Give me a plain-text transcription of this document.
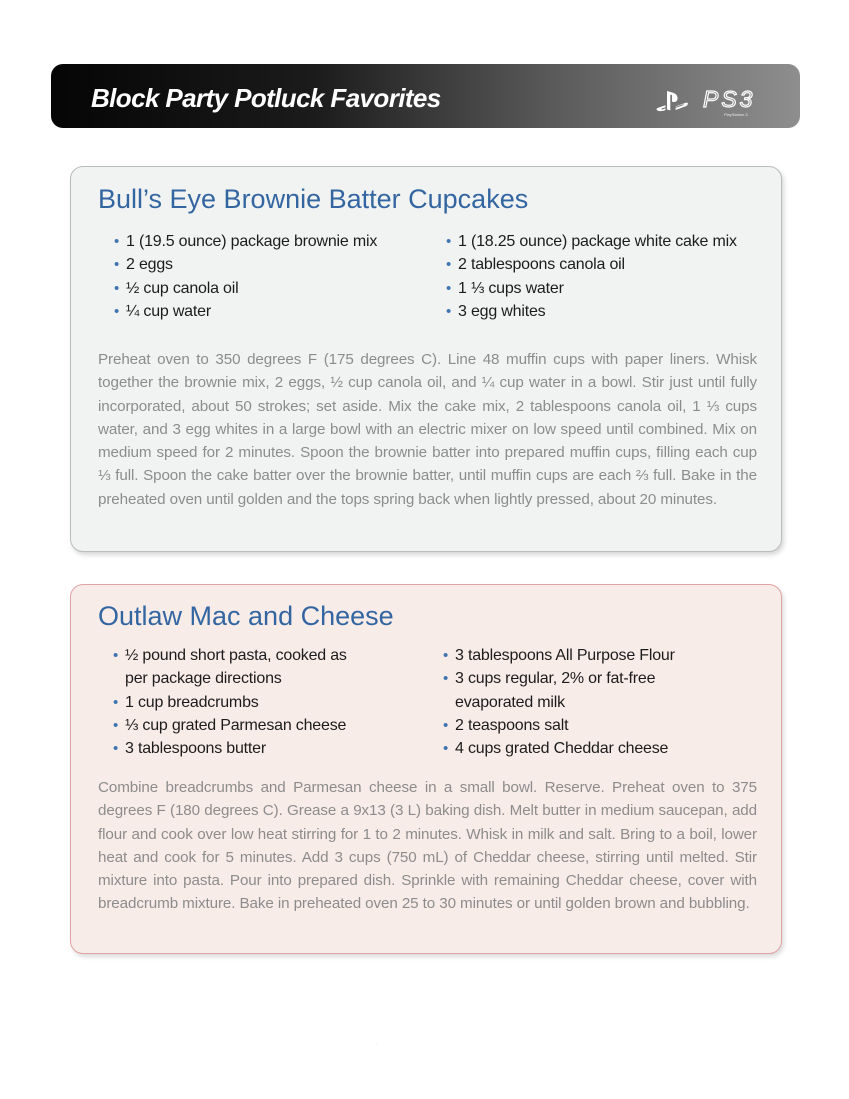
Block Party Potluck Favorites	PS3
PlayStation.3
Bull’s Eye Brownie Batter Cupcakes
• 1 (19.5 ounce) package brownie mix
• 2 eggs
• ½ cup canola oil
• ¼ cup water
• 1 (18.25 ounce) package white cake mix
• 2 tablespoons canola oil
• 1 ⅓ cups water
• 3 egg whites

Preheat oven to 350 degrees F (175 degrees C). Line 48 muffin cups with paper liners. Whisk together the brownie mix, 2 eggs, ½ cup canola oil, and ¼ cup water in a bowl. Stir just until fully incorporated, about 50 strokes; set aside. Mix the cake mix, 2 tablespoons canola oil, 1 ⅓ cups water, and 3 egg whites in a large bowl with an electric mixer on low speed until combined. Mix on medium speed for 2 minutes. Spoon the brownie batter into prepared muffin cups, filling each cup ⅓ full. Spoon the cake batter over the brownie batter, until muffin cups are each ⅔ full. Bake in the preheated oven until golden and the tops spring back when lightly pressed, about 20 minutes.

Outlaw Mac and Cheese
• ½ pound short pasta, cooked as per package directions
• 1 cup breadcrumbs
• ⅓ cup grated Parmesan cheese
• 3 tablespoons butter
• 3 tablespoons All Purpose Flour
• 3 cups regular, 2% or fat-free evaporated milk
• 2 teaspoons salt
• 4 cups grated Cheddar cheese

Combine breadcrumbs and Parmesan cheese in a small bowl. Reserve. Preheat oven to 375 degrees F (180 degrees C). Grease a 9x13 (3 L) baking dish. Melt butter in medium saucepan, add flour and cook over low heat stirring for 1 to 2 minutes. Whisk in milk and salt. Bring to a boil, lower heat and cook for 5 minutes. Add 3 cups (750 mL) of Cheddar cheese, stirring until melted. Stir mixture into pasta. Pour into prepared dish. Sprinkle with remaining Cheddar cheese, cover with breadcrumb mixture. Bake in preheated oven 25 to 30 minutes or until golden brown and bubbling.

.
